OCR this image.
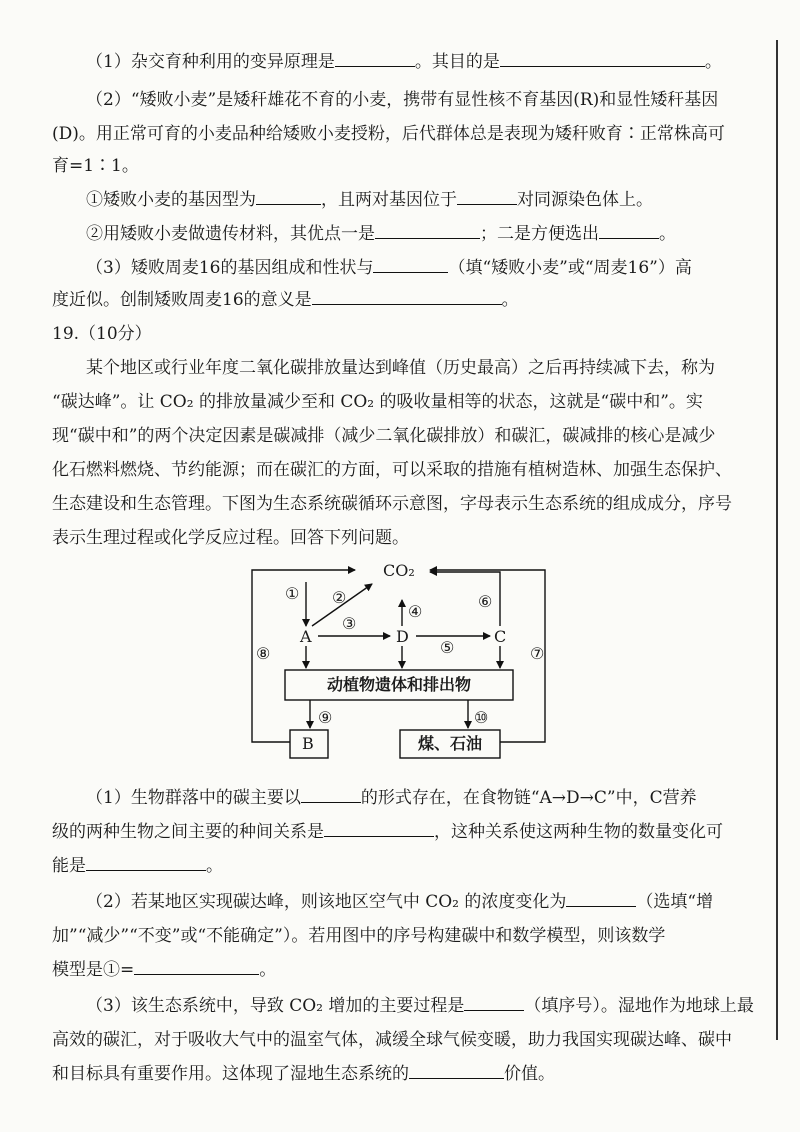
（1）杂交育种利用的变异原理是	。其目的是	。
（2）“矮败小麦”是矮秆雄花不育的小麦，携带有显性核不育基因(R)和显性矮秆基因
(D)。用正常可育的小麦品种给矮败小麦授粉，后代群体总是表现为矮秆败育∶正常株高可
育=1∶1。
①矮败小麦的基因型为	，且两对基因位于	对同源染色体上。
②用矮败小麦做遗传材料，其优点一是	；二是方便选出	。
（3）矮败周麦16的基因组成和性状与	（填“矮败小麦”或“周麦16”）高
度近似。创制矮败周麦16的意义是	。
19.（10分）
某个地区或行业年度二氧化碳排放量达到峰值（历史最高）之后再持续减下去，称为
“碳达峰”。让 CO₂ 的排放量减少至和 CO₂ 的吸收量相等的状态，这就是“碳中和”。实
现“碳中和”的两个决定因素是碳减排（减少二氧化碳排放）和碳汇，碳减排的核心是减少
化石燃料燃烧、节约能源；而在碳汇的方面，可以采取的措施有植树造林、加强生态保护、
生态建设和生态管理。下图为生态系统碳循环示意图，字母表示生态系统的组成成分，序号
表示生理过程或化学反应过程。回答下列问题。
CO₂
A	D	C
① ②
③
④
⑤
⑥
⑦
⑧
⑨	⑩
动植物遗体和排出物
B	煤、石油
（1）生物群落中的碳主要以	的形式存在，在食物链“A→D→C”中，C营养
级的两种生物之间主要的种间关系是	，这种关系使这两种生物的数量变化可
能是	。
（2）若某地区实现碳达峰，则该地区空气中 CO₂ 的浓度变化为	（选填“增
加”“减少”“不变”或“不能确定”）。若用图中的序号构建碳中和数学模型，则该数学
模型是①=	。
（3）该生态系统中，导致 CO₂ 增加的主要过程是	（填序号）。湿地作为地球上最
高效的碳汇，对于吸收大气中的温室气体，减缓全球气候变暖，助力我国实现碳达峰、碳中
和目标具有重要作用。这体现了湿地生态系统的	价值。
